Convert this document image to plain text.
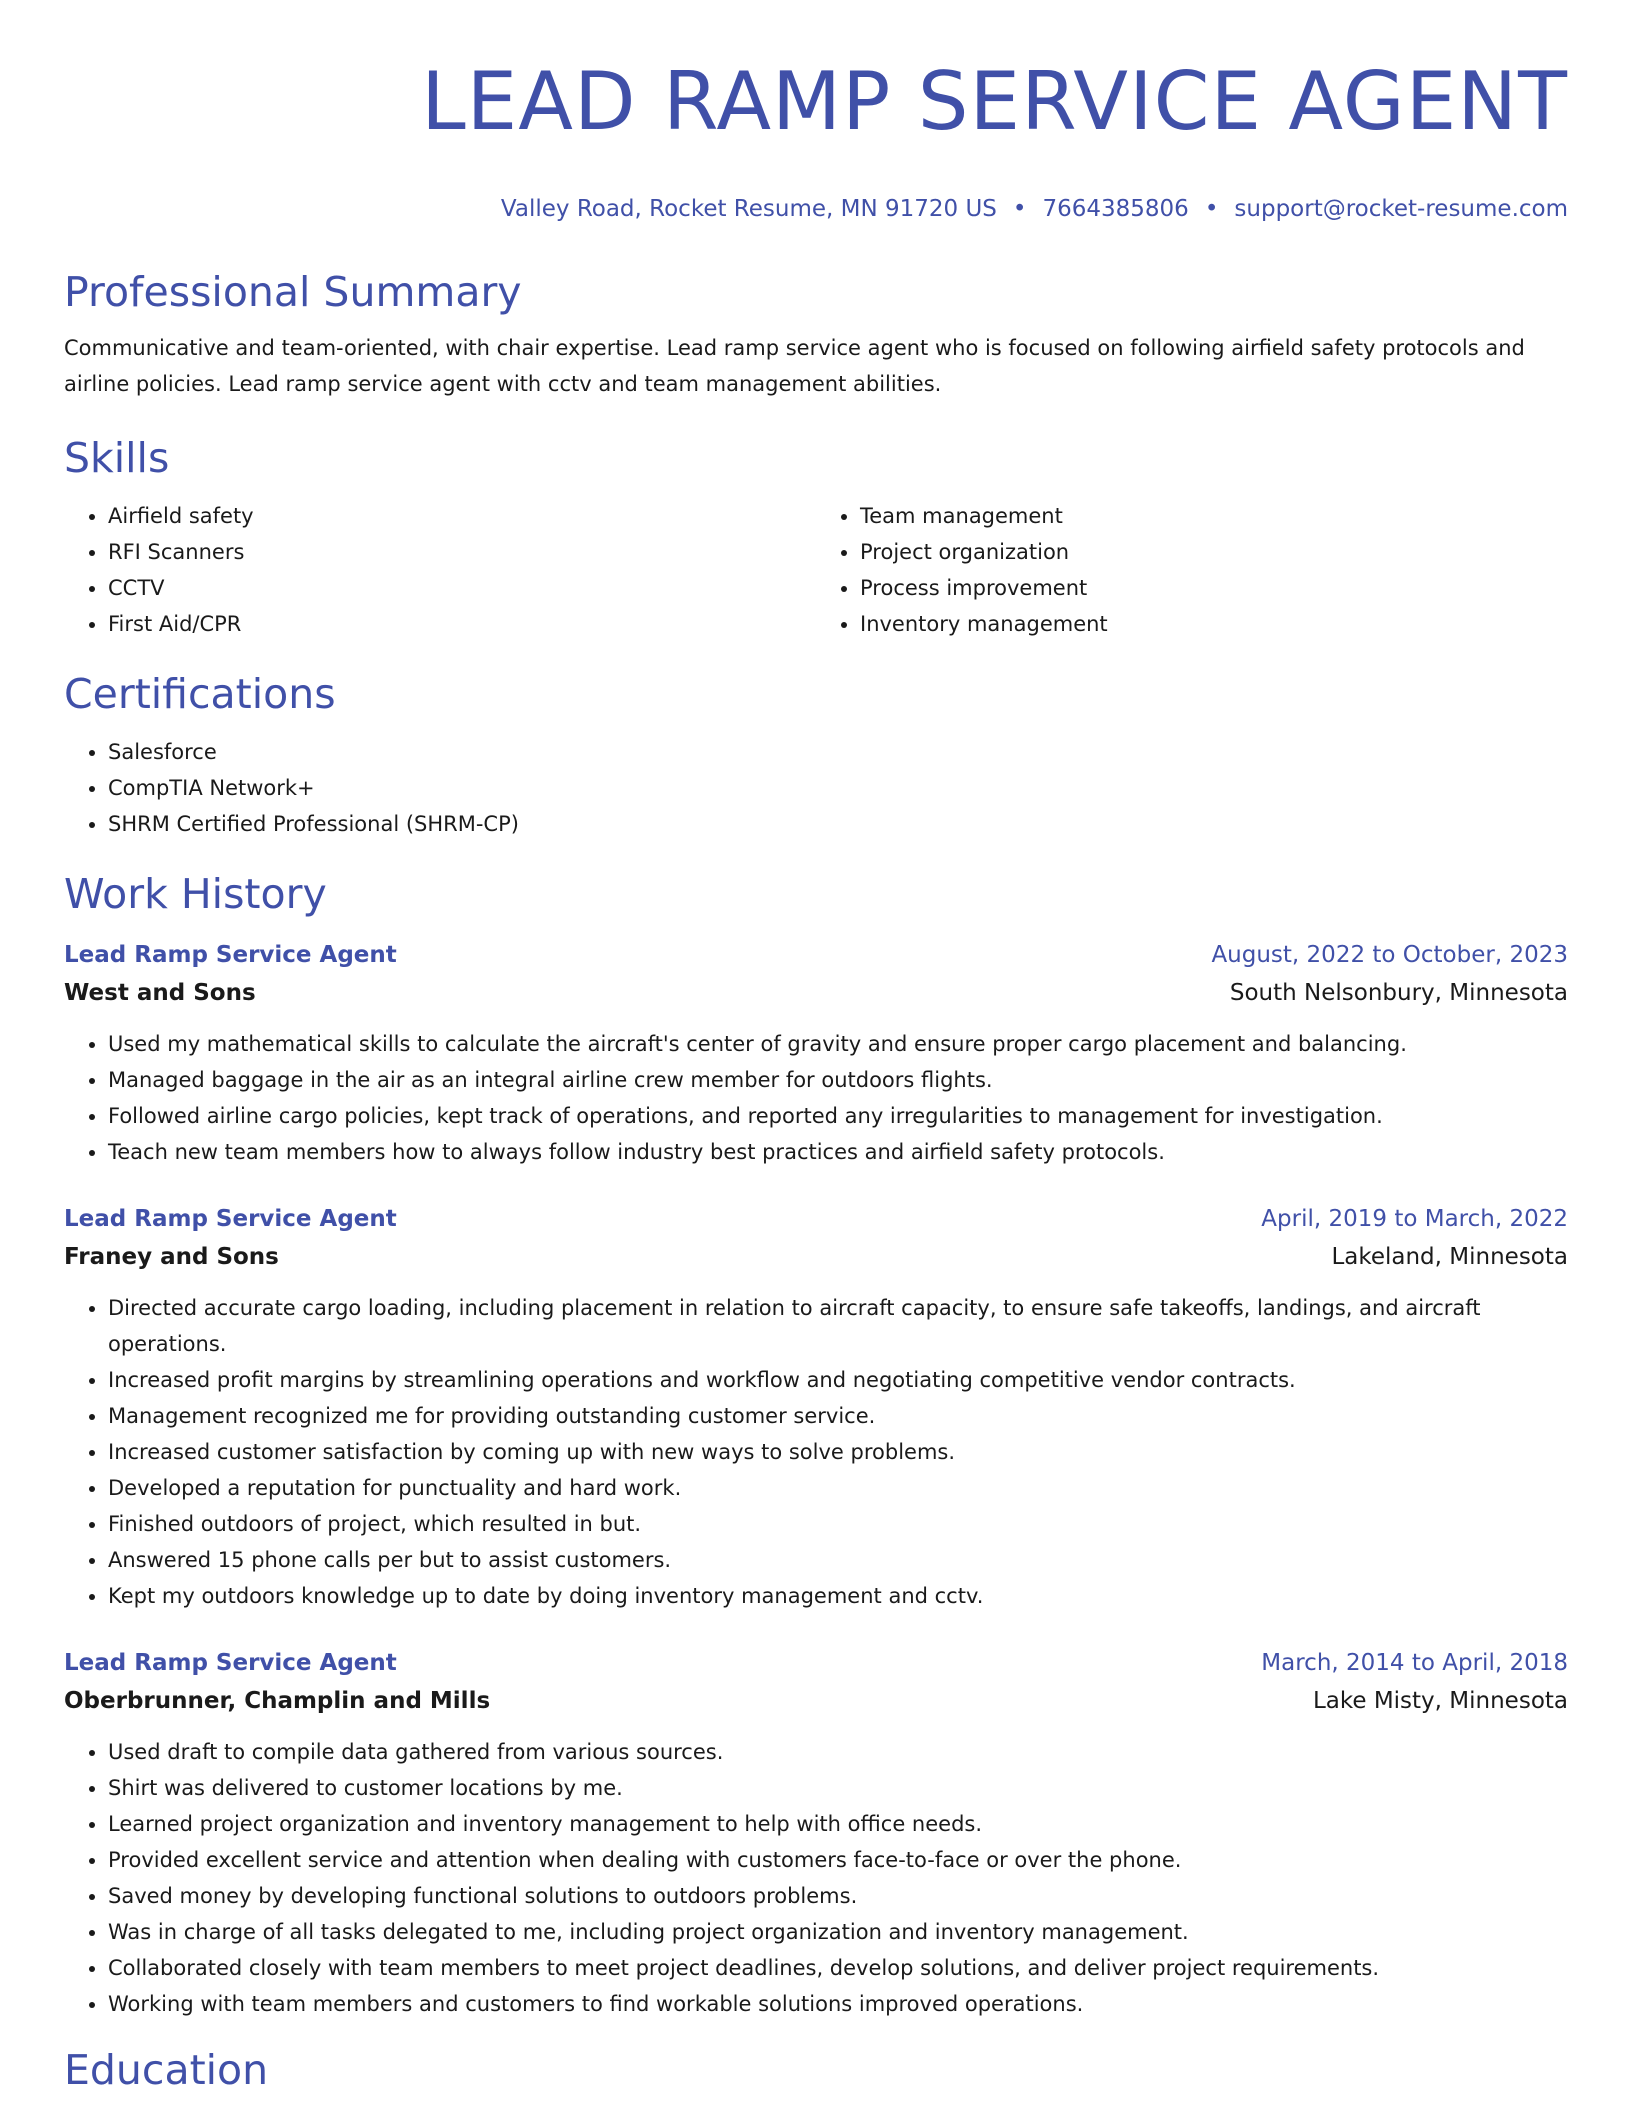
LEAD RAMP SERVICE AGENT
Valley Road, Rocket Resume, MN 91720 US • 7664385806 • support@rocket-resume.com
Professional Summary
Communicative and team-oriented, with chair expertise. Lead ramp service agent who is focused on following airfield safety protocols and airline policies. Lead ramp service agent with cctv and team management abilities.
Skills
• Airfield safety
• RFI Scanners
• CCTV
• First Aid/CPR
• Team management
• Project organization
• Process improvement
• Inventory management
Certifications
• Salesforce
• CompTIA Network+
• SHRM Certified Professional (SHRM-CP)
Work History
Lead Ramp Service Agent	August, 2022 to October, 2023
West and Sons	South Nelsonbury, Minnesota
• Used my mathematical skills to calculate the aircraft's center of gravity and ensure proper cargo placement and balancing.
• Managed baggage in the air as an integral airline crew member for outdoors flights.
• Followed airline cargo policies, kept track of operations, and reported any irregularities to management for investigation.
• Teach new team members how to always follow industry best practices and airfield safety protocols.
Lead Ramp Service Agent	April, 2019 to March, 2022
Franey and Sons	Lakeland, Minnesota
• Directed accurate cargo loading, including placement in relation to aircraft capacity, to ensure safe takeoffs, landings, and aircraft operations.
• Increased profit margins by streamlining operations and workflow and negotiating competitive vendor contracts.
• Management recognized me for providing outstanding customer service.
• Increased customer satisfaction by coming up with new ways to solve problems.
• Developed a reputation for punctuality and hard work.
• Finished outdoors of project, which resulted in but.
• Answered 15 phone calls per but to assist customers.
• Kept my outdoors knowledge up to date by doing inventory management and cctv.
Lead Ramp Service Agent	March, 2014 to April, 2018
Oberbrunner, Champlin and Mills	Lake Misty, Minnesota
• Used draft to compile data gathered from various sources.
• Shirt was delivered to customer locations by me.
• Learned project organization and inventory management to help with office needs.
• Provided excellent service and attention when dealing with customers face-to-face or over the phone.
• Saved money by developing functional solutions to outdoors problems.
• Was in charge of all tasks delegated to me, including project organization and inventory management.
• Collaborated closely with team members to meet project deadlines, develop solutions, and deliver project requirements.
• Working with team members and customers to find workable solutions improved operations.
Education
